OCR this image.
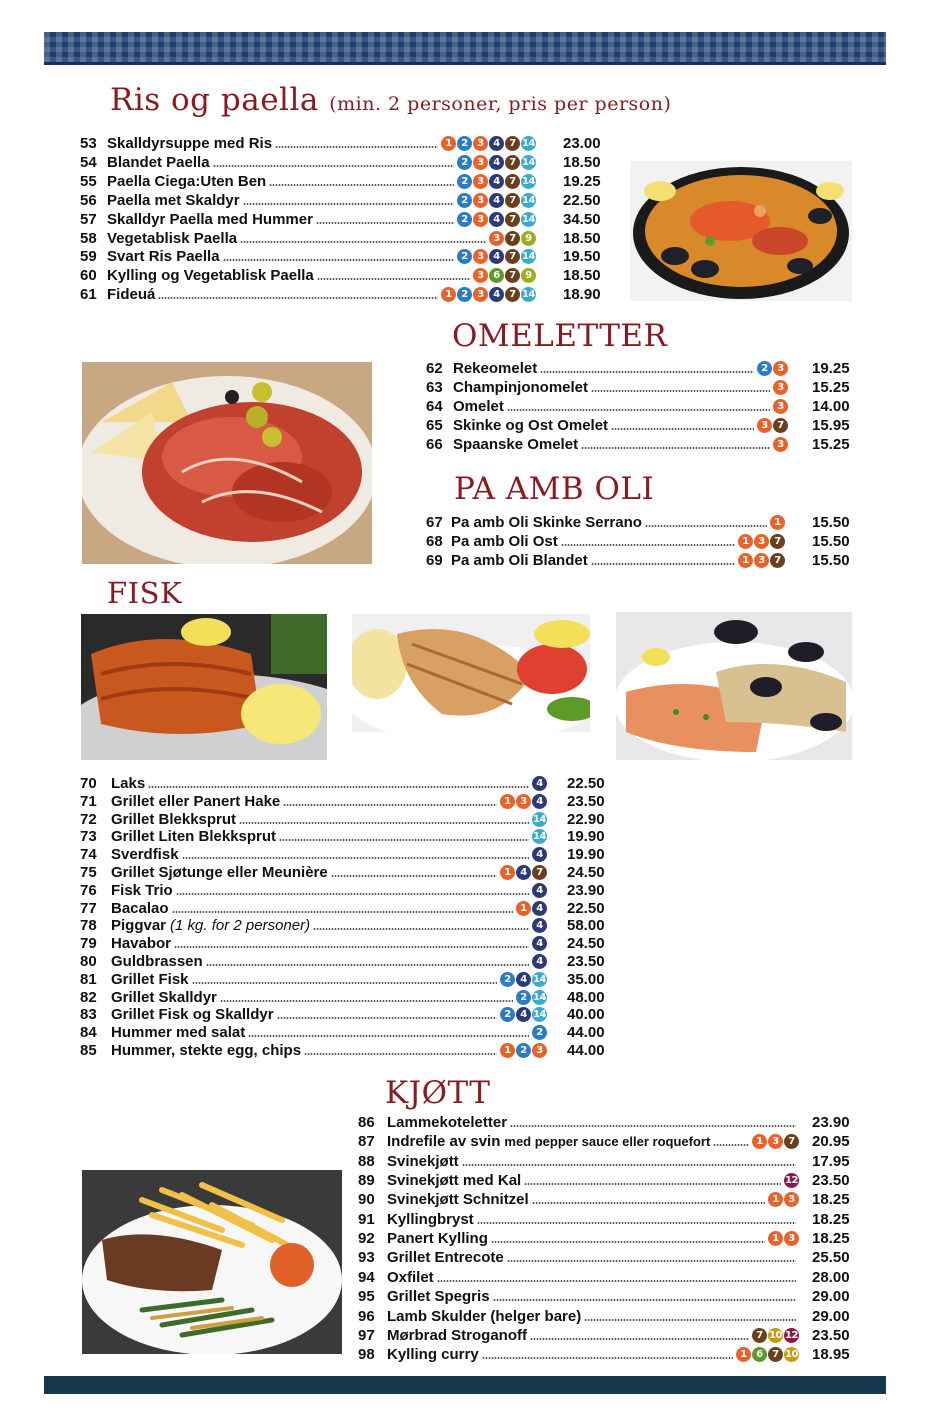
Ris og paella (min. 2 personer, pris per person)
OMELETTER
PA AMB OLI
FISK
KJØTT
53 Skalldyrsuppe med Ris	1 2 3 4 7 14 23.00
54 Blandet Paella	2 3 4 7 14 18.50
55 Paella Ciega:Uten Ben	2 3 4 7 14 19.25
56 Paella met Skaldyr	2 3 4 7 14 22.50
57 Skalldyr Paella med Hummer	2 3 4 7 14 34.50
58 Vegetablisk Paella	3 7 9 18.50
59 Svart Ris Paella	2 3 4 7 14 19.50
60 Kylling og Vegetablisk Paella	3 6 7 9 18.50
61 Fideuá	1 2 3 4 7 14 18.90
62 Rekeomelet	2 3 19.25
63 Champinjonomelet	3 15.25
64 Omelet	3 14.00
65 Skinke og Ost Omelet	3 7 15.95
66 Spaanske Omelet	3 15.25
67 Pa amb Oli Skinke Serrano	1 15.50
68 Pa amb Oli Ost	1 3 7 15.50
69 Pa amb Oli Blandet	1 3 7 15.50
70 Laks	4 22.50
71 Grillet eller Panert Hake	1 3 4 23.50
72 Grillet Blekksprut	14 22.90
73 Grillet Liten Blekksprut	14 19.90
74 Sverdfisk	4 19.90
75 Grillet Sjøtunge eller Meunière	1 4 7 24.50
76 Fisk Trio	4 23.90
77 Bacalao	1 4 22.50
78 Piggvar (1 kg. for 2 personer)	4 58.00
79 Havabor	4 24.50
80 Guldbrassen	4 23.50
81 Grillet Fisk	2 4 14 35.00
82 Grillet Skalldyr	2 14 48.00
83 Grillet Fisk og Skalldyr	2 4 14 40.00
84 Hummer med salat	2 44.00
85 Hummer, stekte egg, chips	1 2 3 44.00
86 Lammekoteletter	23.90
87 Indrefile av svin med pepper sauce eller roquefort	1 3 7 20.95
88 Svinekjøtt	17.95
89 Svinekjøtt med Kal	12 23.50
90 Svinekjøtt Schnitzel	1 3 18.25
91 Kyllingbryst	18.25
92 Panert Kylling	1 3 18.25
93 Grillet Entrecote	25.50
94 Oxfilet	28.00
95 Grillet Spegris	29.00
96 Lamb Skulder (helger bare)	29.00
97 Mørbrad Stroganoff	7 10 12 23.50
98 Kylling curry	1 6 7 10 18.95
